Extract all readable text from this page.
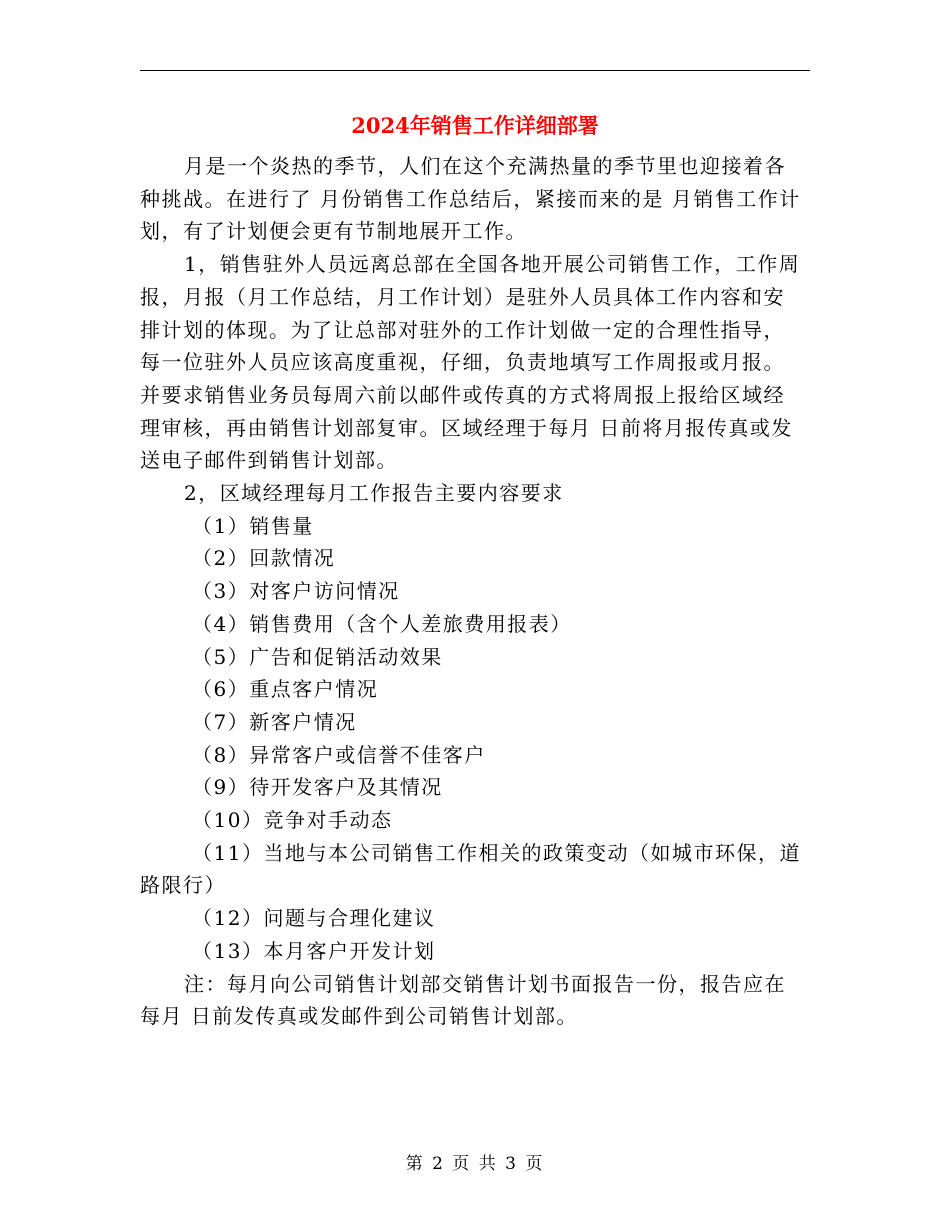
2024年销售工作详细部署

月是一个炎热的季节，人们在这个充满热量的季节里也迎接着各种挑战。在进行了 月份销售工作总结后，紧接而来的是 月销售工作计划，有了计划便会更有节制地展开工作。

1，销售驻外人员远离总部在全国各地开展公司销售工作，工作周报，月报（月工作总结，月工作计划）是驻外人员具体工作内容和安排计划的体现。为了让总部对驻外的工作计划做一定的合理性指导，每一位驻外人员应该高度重视，仔细，负责地填写工作周报或月报。并要求销售业务员每周六前以邮件或传真的方式将周报上报给区域经理审核，再由销售计划部复审。区域经理于每月 日前将月报传真或发送电子邮件到销售计划部。

2，区域经理每月工作报告主要内容要求

（1）销售量

（2）回款情况

（3）对客户访问情况

（4）销售费用（含个人差旅费用报表）

（5）广告和促销活动效果

（6）重点客户情况

（7）新客户情况

（8）异常客户或信誉不佳客户

（9）待开发客户及其情况

（10）竞争对手动态

（11）当地与本公司销售工作相关的政策变动（如城市环保，道路限行）

（12）问题与合理化建议

（13）本月客户开发计划

注：每月向公司销售计划部交销售计划书面报告一份，报告应在每月 日前发传真或发邮件到公司销售计划部。

第 2 页 共 3 页
